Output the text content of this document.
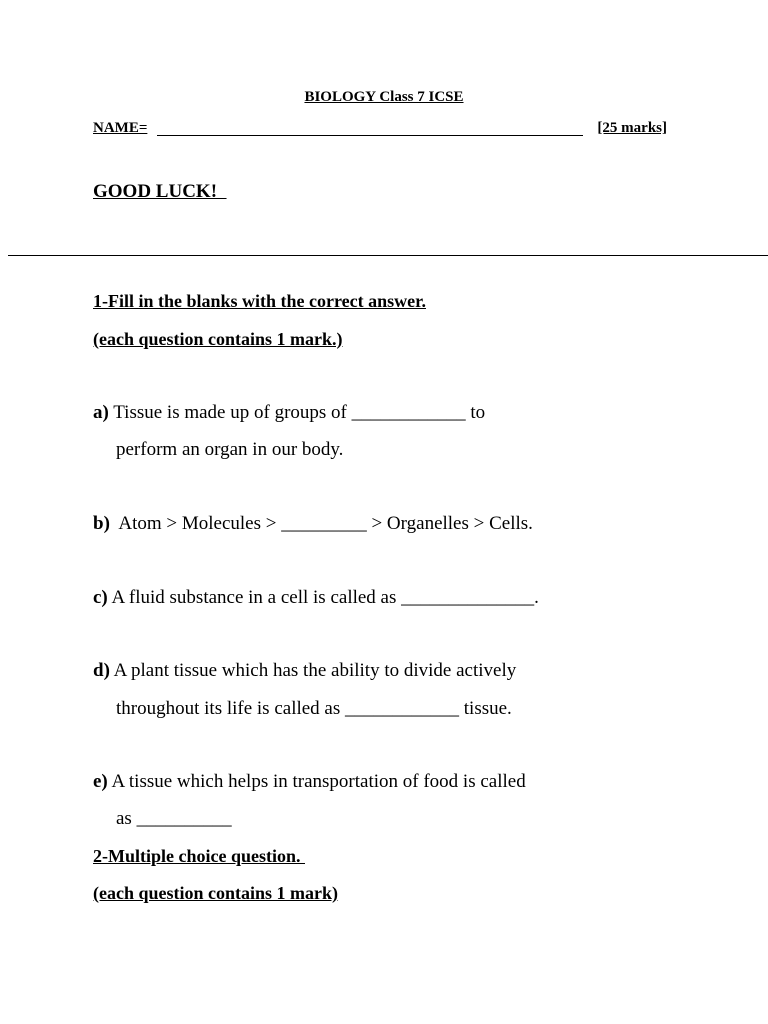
BIOLOGY Class 7 ICSE

NAME=

	[25 marks]

GOOD LUCK!
1-Fill in the blanks with the correct answer.
(each question contains 1 mark.)
a) Tissue is made up of groups of ____________ to
perform an organ in our body.
b)  Atom > Molecules > _________ > Organelles > Cells.
c) A fluid substance in a cell is called as ______________.
d) A plant tissue which has the ability to divide actively
throughout its life is called as ____________ tissue.
e) A tissue which helps in transportation of food is called
as __________
2-Multiple choice question.
(each question contains 1 mark)
